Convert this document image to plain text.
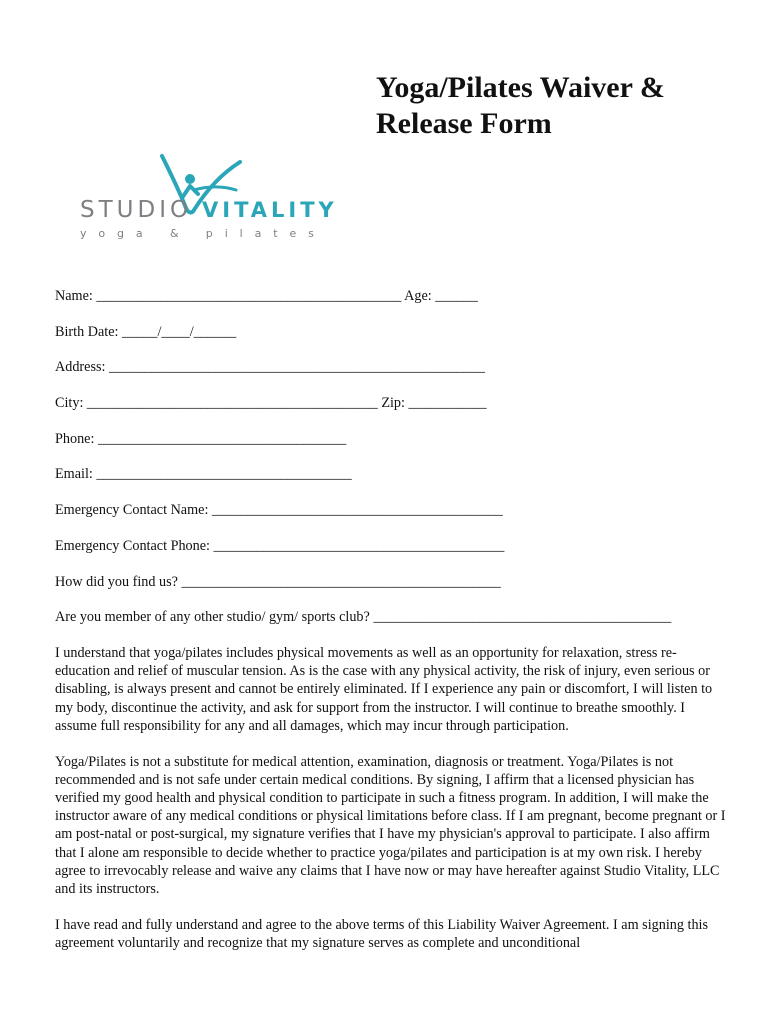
Yoga/Pilates Waiver &
Release Form
STUDIO VITALITY
y o g a   &   p i l a t e s
Name: ___________________________________________ Age: ______
Birth Date: _____/____/______
Address: _____________________________________________________
City: _________________________________________ Zip: ___________
Phone: ___________________________________
Email: ____________________________________
Emergency Contact Name: _________________________________________
Emergency Contact Phone: _________________________________________
How did you find us? _____________________________________________
Are you member of any other studio/ gym/ sports club? __________________________________________

I understand that yoga/pilates includes physical movements as well as an opportunity for relaxation, stress re-education and relief of muscular tension. As is the case with any physical activity, the risk of injury, even serious or disabling, is always present and cannot be entirely eliminated. If I experience any pain or discomfort, I will listen to my body, discontinue the activity, and ask for support from the instructor. I will continue to breathe smoothly. I assume full responsibility for any and all damages, which may incur through participation.

Yoga/Pilates is not a substitute for medical attention, examination, diagnosis or treatment. Yoga/Pilates is not recommended and is not safe under certain medical conditions. By signing, I affirm that a licensed physician has verified my good health and physical condition to participate in such a fitness program. In addition, I will make the instructor aware of any medical conditions or physical limitations before class. If I am pregnant, become pregnant or I am post-natal or post-surgical, my signature verifies that I have my physician's approval to participate. I also affirm that I alone am responsible to decide whether to practice yoga/pilates and participation is at my own risk. I hereby agree to irrevocably release and waive any claims that I have now or may have hereafter against Studio Vitality, LLC and its instructors.

I have read and fully understand and agree to the above terms of this Liability Waiver Agreement. I am signing this agreement voluntarily and recognize that my signature serves as complete and unconditional
